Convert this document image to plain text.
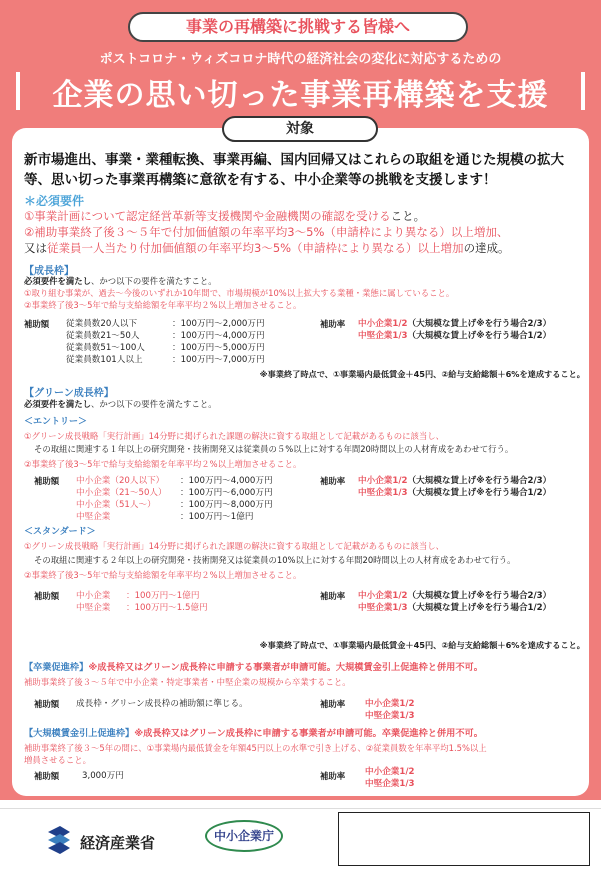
事業の再構築に挑戦する皆様へ
ポストコロナ・ウィズコロナ時代の経済社会の変化に対応するための
企業の思い切った事業再構築を支援
対象
新市場進出、事業・業種転換、事業再編、国内回帰又はこれらの取組を通じた規模の拡大等、思い切った事業再構築に意欲を有する、中小企業等の挑戦を支援します！
＊必須要件
①事業計画について認定経営革新等支援機関や金融機関の確認を受けること。
②補助事業終了後３～５年で付加価値額の年率平均3～5%（申請枠により異なる）以上増加、
又は従業員一人当たり付加価値額の年率平均3～5%（申請枠により異なる）以上増加の達成。
【成長枠】
必須要件を満たし、かつ以下の要件を満たすこと。
①取り組む事業が、過去～今後のいずれか10年間で、市場規模が10%以上拡大する業種・業態に属していること。
②事業終了後3～5年で給与支給総額を年率平均２%以上増加させること。
補助額 従業員数20人以下	：100万円～2,000万円
従業員数21～50人	：100万円～4,000万円
従業員数51～100人	：100万円～5,000万円
従業員数101人以上	：100万円～7,000万円
補助率 中小企業1/2（大規模な賃上げ※を行う場合2/3）
中堅企業1/3（大規模な賃上げ※を行う場合1/2）
※事業終了時点で、①事業場内最低賃金＋45円、②給与支給総額＋6%を達成すること。
【グリーン成長枠】
必須要件を満たし、かつ以下の要件を満たすこと。
＜エントリー＞
①グリーン成長戦略「実行計画」14分野に掲げられた課題の解決に資する取組として記載があるものに該当し、
その取組に関連する１年以上の研究開発・技術開発又は従業員の５%以上に対する年間20時間以上の人材育成をあわせて行う。
②事業終了後3～5年で給与支給総額を年率平均２%以上増加させること。
補助額 中小企業（20人以下） ：100万円～4,000万円
中小企業（21～50人） ：100万円～6,000万円
中小企業（51人～）	：100万円～8,000万円
中堅企業	：100万円～1億円
補助率 中小企業1/2（大規模な賃上げ※を行う場合2/3）
中堅企業1/3（大規模な賃上げ※を行う場合1/2）
＜スタンダード＞
①グリーン成長戦略「実行計画」14分野に掲げられた課題の解決に資する取組として記載があるものに該当し、
その取組に関連する２年以上の研究開発・技術開発又は従業員の10%以上に対する年間20時間以上の人材育成をあわせて行う。
②事業終了後3～5年で給与支給総額を年率平均２%以上増加させること。
補助額 中小企業 ：100万円～1億円
中堅企業 ：100万円～1.5億円
補助率 中小企業1/2（大規模な賃上げ※を行う場合2/3）
中堅企業1/3（大規模な賃上げ※を行う場合1/2）
※事業終了時点で、①事業場内最低賃金＋45円、②給与支給総額＋6%を達成すること。
【卒業促進枠】※成長枠又はグリーン成長枠に申請する事業者が申請可能。大規模賃金引上促進枠と併用不可。
補助事業終了後３～５年で中小企業・特定事業者・中堅企業の規模から卒業すること。
補助額 成長枠・グリーン成長枠の補助額に準じる。	補助率 中小企業1/2
中堅企業1/3
【大規模賃金引上促進枠】※成長枠又はグリーン成長枠に申請する事業者が申請可能。卒業促進枠と併用不可。
補助事業終了後３～5年の間に、①事業場内最低賃金を年額45円以上の水準で引き上げる、②従業員数を年率平均1.5%以上
増員させること。
補助額	3,000万円	補助率 中小企業1/2
中堅企業1/3
経済産業省	中小企業庁
